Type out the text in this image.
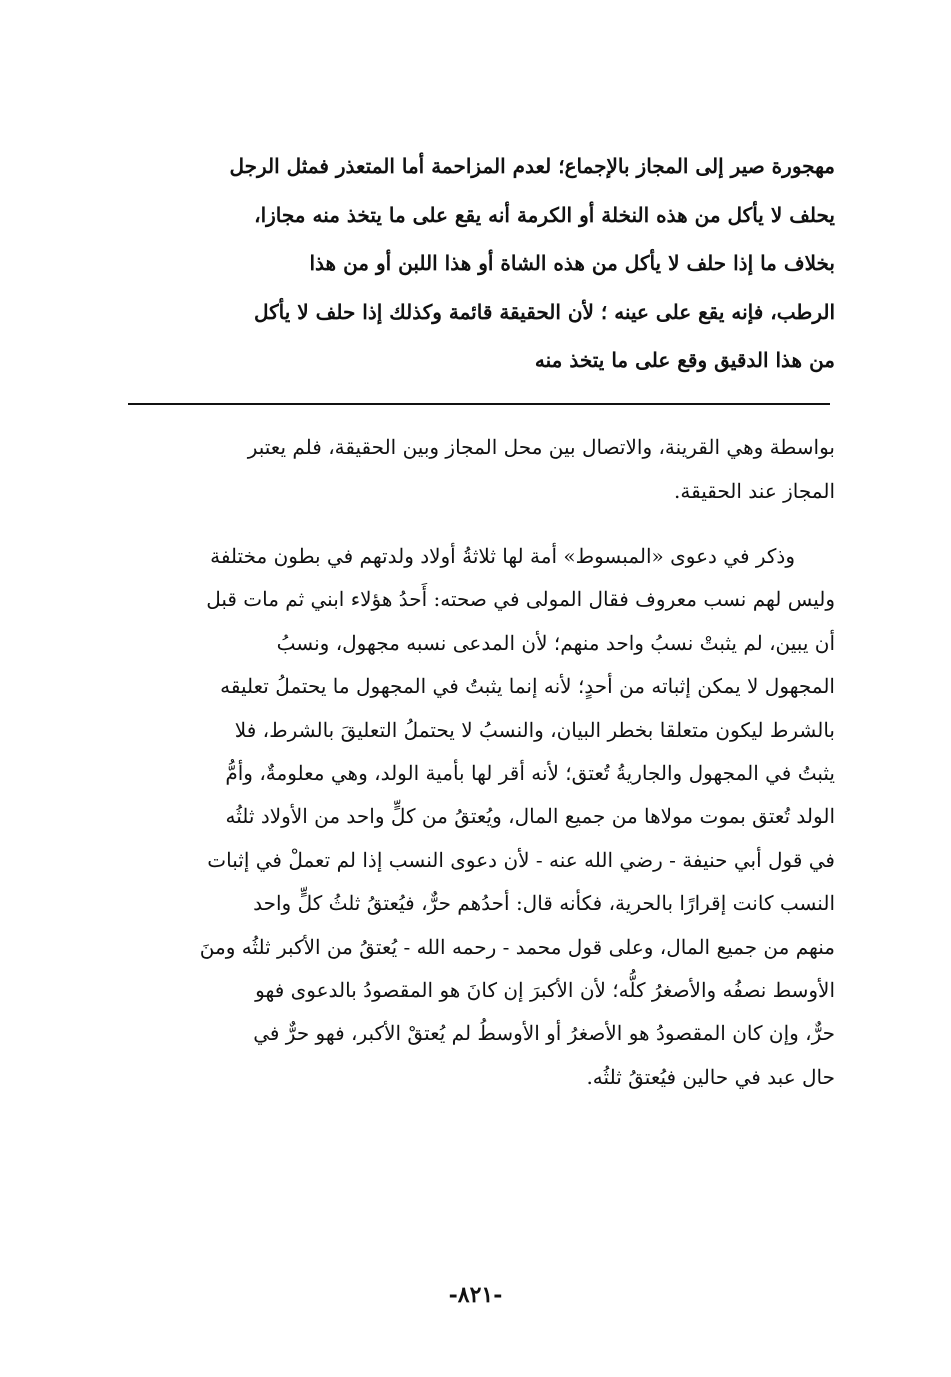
مهجورة صير إلى المجاز بالإجماع؛ لعدم المزاحمة أما المتعذر فمثل الرجل
يحلف لا يأكل من هذه النخلة أو الكرمة أنه يقع على ما يتخذ منه مجازا،
بخلاف ما إذا حلف لا يأكل من هذه الشاة أو هذا اللبن أو من هذا
الرطب، فإنه يقع على عينه ؛ لأن الحقيقة قائمة وكذلك إذا حلف لا يأكل
من هذا الدقيق وقع على ما يتخذ منه

بواسطة وهي القرينة، والاتصال بين محل المجاز وبين الحقيقة، فلم يعتبر
المجاز عند الحقيقة.

وذكر في دعوى «المبسوط» أمة لها ثلاثةُ أولاد ولدتهم في بطون مختلفة
وليس لهم نسب معروف فقال المولى في صحته: أَحدُ هؤلاء ابني ثم مات قبل
أن يبين، لم يثبتْ نسبُ واحد منهم؛ لأن المدعى نسبه مجهول، ونسبُ
المجهول لا يمكن إثباته من أحدٍ؛ لأنه إنما يثبتُ في المجهول ما يحتملُ تعليقه
بالشرط ليكون متعلقا بخطر البيان، والنسبُ لا يحتملُ التعليقَ بالشرط، فلا
يثبتُ في المجهول والجاريةُ تُعتق؛ لأنه أقر لها بأمية الولد، وهي معلومةٌ، وأمُّ
الولد تُعتق بموت مولاها من جميع المال، ويُعتقُ من كلٍّ واحد من الأولاد ثلثُه
في قول أبي حنيفة - رضي الله عنه - لأن دعوى النسب إذا لم تعملْ في إثبات
النسب كانت إقرارًا بالحرية، فكأنه قال: أحدُهم حرٌّ، فيُعتقُ ثلثُ كلٍّ واحد
منهم من جميع المال، وعلى قول محمد - رحمه الله - يُعتقُ من الأكبر ثلثُه ومنَ
الأوسط نصفُه والأصغرُ كلُّه؛ لأن الأكبرَ إن كانَ هو المقصودُ بالدعوى فهو
حرٌّ، وإن كان المقصودُ هو الأصغرُ أو الأوسطُ لم يُعتقْ الأكبر، فهو حرٌّ في
حال عبد في حالين فيُعتقُ ثلثُه.

-٨٢١-
